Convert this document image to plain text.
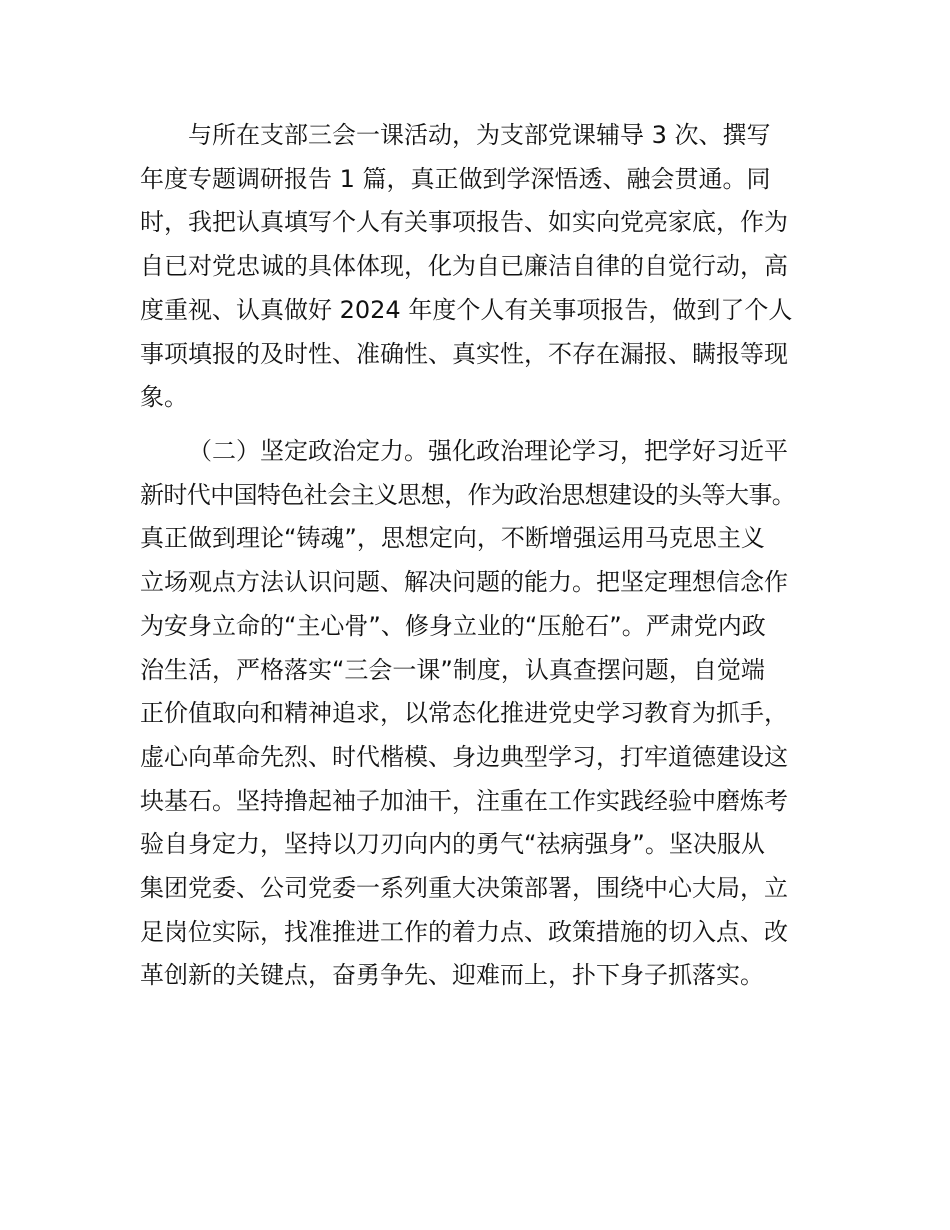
与所在支部三会一课活动，为支部党课辅导 3 次、撰写
年度专题调研报告 1 篇，真正做到学深悟透、融会贯通。同
时，我把认真填写个人有关事项报告、如实向党亮家底，作为
自已对党忠诚的具体体现，化为自已廉洁自律的自觉行动，高
度重视、认真做好 2024 年度个人有关事项报告，做到了个人
事项填报的及时性、准确性、真实性，不存在漏报、瞒报等现
象。
（二）坚定政治定力。强化政治理论学习，把学好习近平
新时代中国特色社会主义思想，作为政治思想建设的头等大事。
真正做到理论“铸魂”，思想定向，不断增强运用马克思主义
立场观点方法认识问题、解决问题的能力。把坚定理想信念作
为安身立命的“主心骨”、修身立业的“压舱石”。严肃党内政
治生活，严格落实“三会一课”制度，认真查摆问题，自觉端
正价值取向和精神追求，以常态化推进党史学习教育为抓手，
虚心向革命先烈、时代楷模、身边典型学习，打牢道德建设这
块基石。坚持撸起袖子加油干，注重在工作实践经验中磨炼考
验自身定力，坚持以刀刃向内的勇气“祛病强身”。坚决服从
集团党委、公司党委一系列重大决策部署，围绕中心大局，立
足岗位实际，找准推进工作的着力点、政策措施的切入点、改
革创新的关键点，奋勇争先、迎难而上，扑下身子抓落实。
